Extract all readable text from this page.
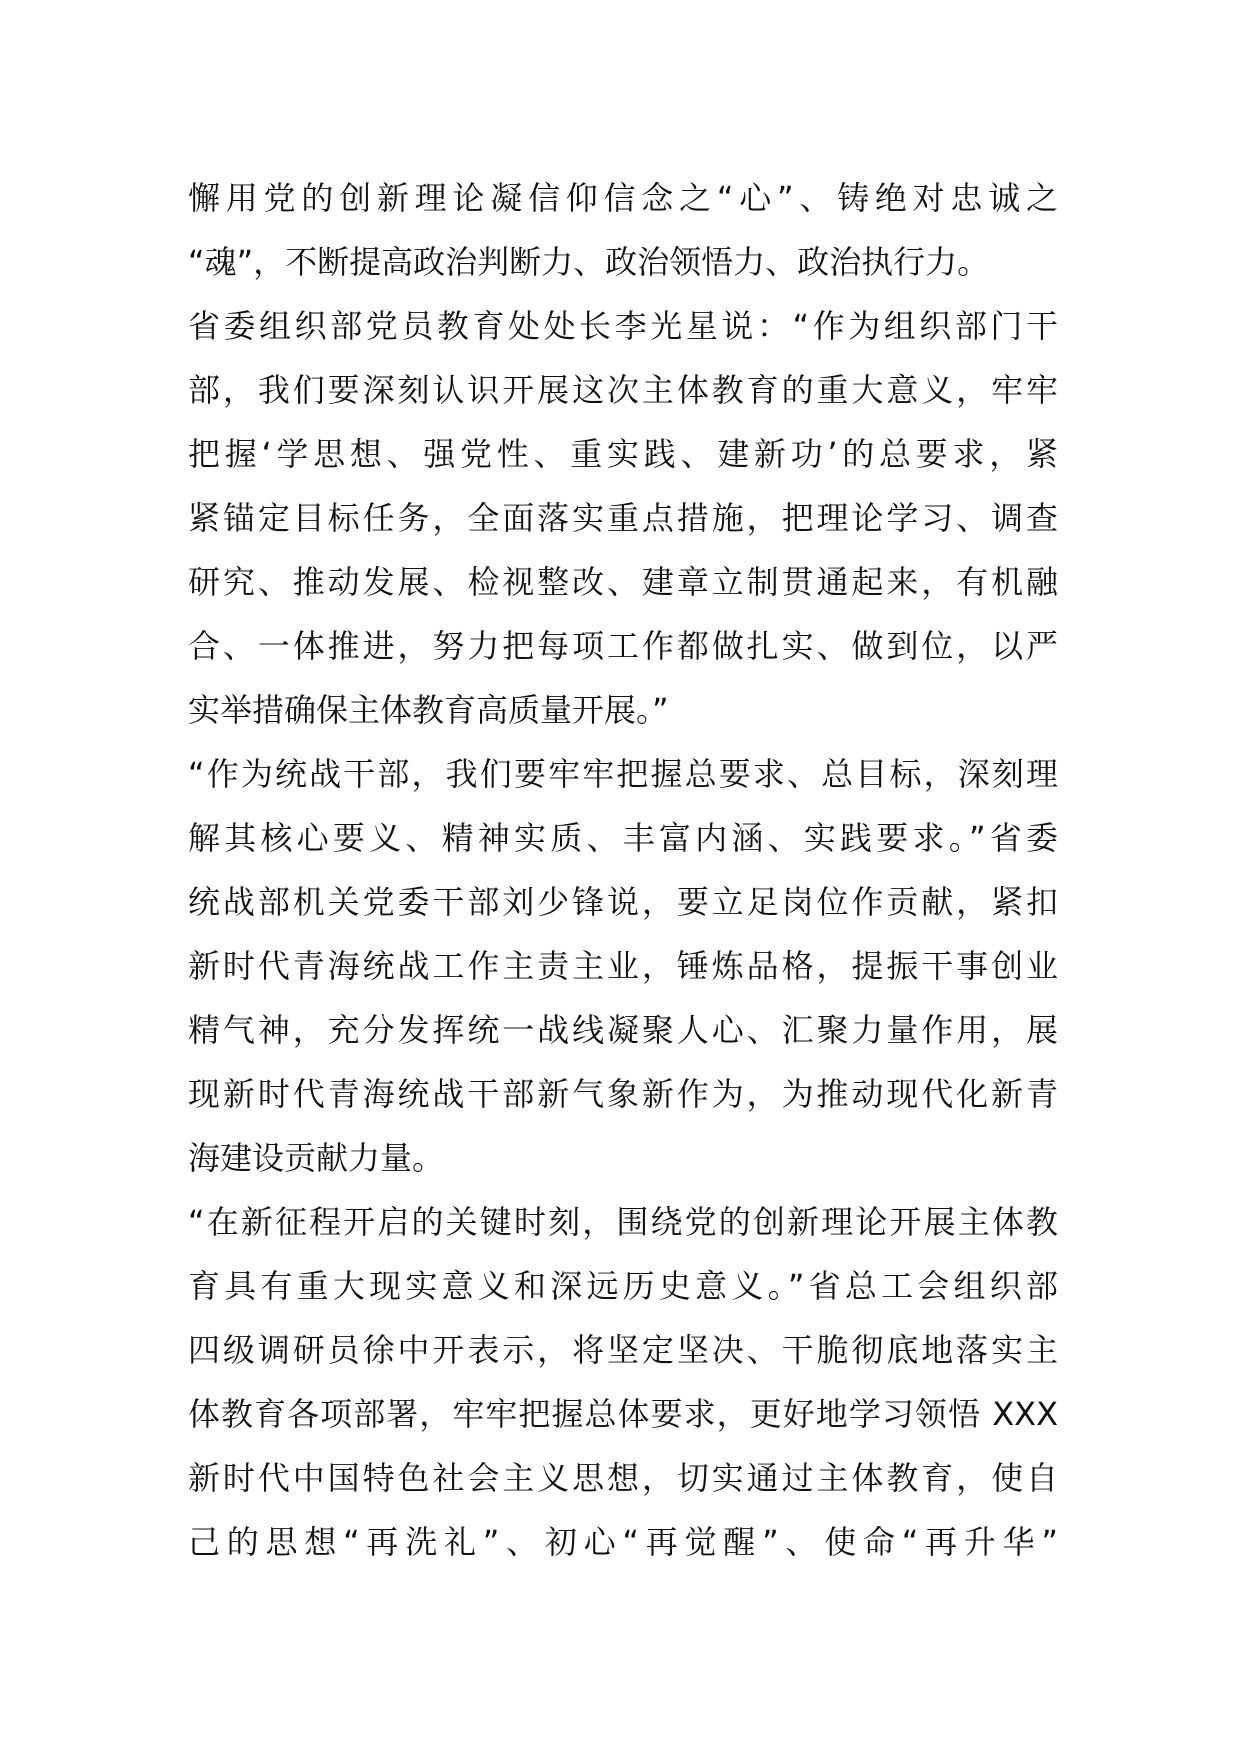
懈用党的创新理论凝信仰信念之“心”、铸绝对忠诚之
“魂”，不断提高政治判断力、政治领悟力、政治执行力。
省委组织部党员教育处处长李光星说：“作为组织部门干
部，我们要深刻认识开展这次主体教育的重大意义，牢牢
把握‘学思想、强党性、重实践、建新功’的总要求，紧
紧锚定目标任务，全面落实重点措施，把理论学习、调查
研究、推动发展、检视整改、建章立制贯通起来，有机融
合、一体推进，努力把每项工作都做扎实、做到位，以严
实举措确保主体教育高质量开展。”
“作为统战干部，我们要牢牢把握总要求、总目标，深刻理
解其核心要义、精神实质、丰富内涵、实践要求。”省委
统战部机关党委干部刘少锋说，要立足岗位作贡献，紧扣
新时代青海统战工作主责主业，锤炼品格，提振干事创业
精气神，充分发挥统一战线凝聚人心、汇聚力量作用，展
现新时代青海统战干部新气象新作为，为推动现代化新青
海建设贡献力量。
“在新征程开启的关键时刻，围绕党的创新理论开展主体教
育具有重大现实意义和深远历史意义。”省总工会组织部
四级调研员徐中开表示，将坚定坚决、干脆彻底地落实主
体教育各项部署，牢牢把握总体要求，更好地学习领悟 XXX
新时代中国特色社会主义思想，切实通过主体教育，使自
己的思想“再洗礼”、初心“再觉醒”、使命“再升华”
